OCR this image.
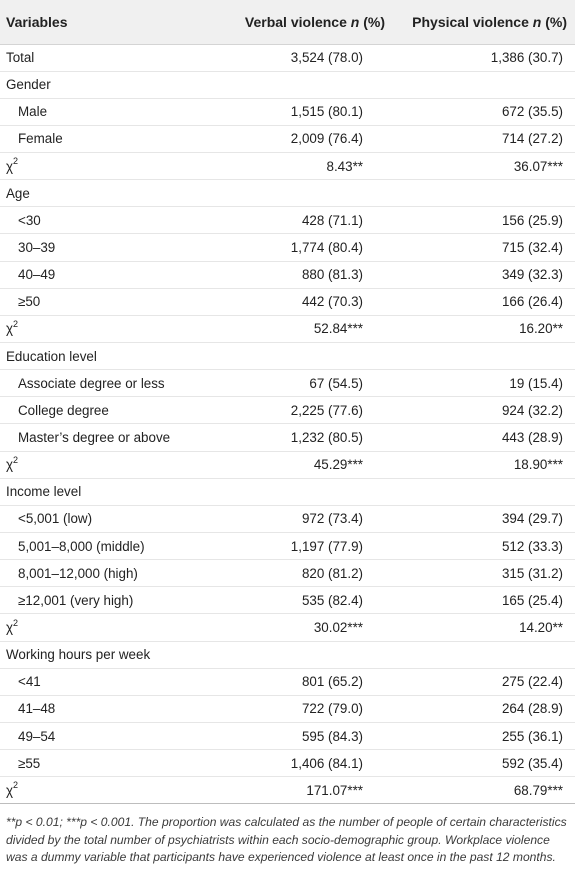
Variables	Verbal violence n (%)	Physical violence n (%)
Total	3,524 (78.0)	1,386 (30.7)
Gender		
Male	1,515 (80.1)	672 (35.5)
Female	2,009 (76.4)	714 (27.2)
$\chi^2$	8.43**	36.07***
Age		
<30	428 (71.1)	156 (25.9)
30–39	1,774 (80.4)	715 (32.4)
40–49	880 (81.3)	349 (32.3)
≥50	442 (70.3)	166 (26.4)
$\chi^2$	52.84***	16.20**
Education level		
Associate degree or less	67 (54.5)	19 (15.4)
College degree	2,225 (77.6)	924 (32.2)
Master’s degree or above	1,232 (80.5)	443 (28.9)
$\chi^2$	45.29***	18.90***
Income level		
<5,001 (low)	972 (73.4)	394 (29.7)
5,001–8,000 (middle)	1,197 (77.9)	512 (33.3)
8,001–12,000 (high)	820 (81.2)	315 (31.2)
≥12,001 (very high)	535 (82.4)	165 (25.4)
$\chi^2$	30.02***	14.20**
Working hours per week		
<41	801 (65.2)	275 (22.4)
41–48	722 (79.0)	264 (28.9)
49–54	595 (84.3)	255 (36.1)
≥55	1,406 (84.1)	592 (35.4)
$\chi^2$	171.07***	68.79***
**p < 0.01; ***p < 0.001. The proportion was calculated as the number of people of certain characteristics divided by the total number of psychiatrists within each socio-demographic group. Workplace violence was a dummy variable that participants have experienced violence at least once in the past 12 months.
